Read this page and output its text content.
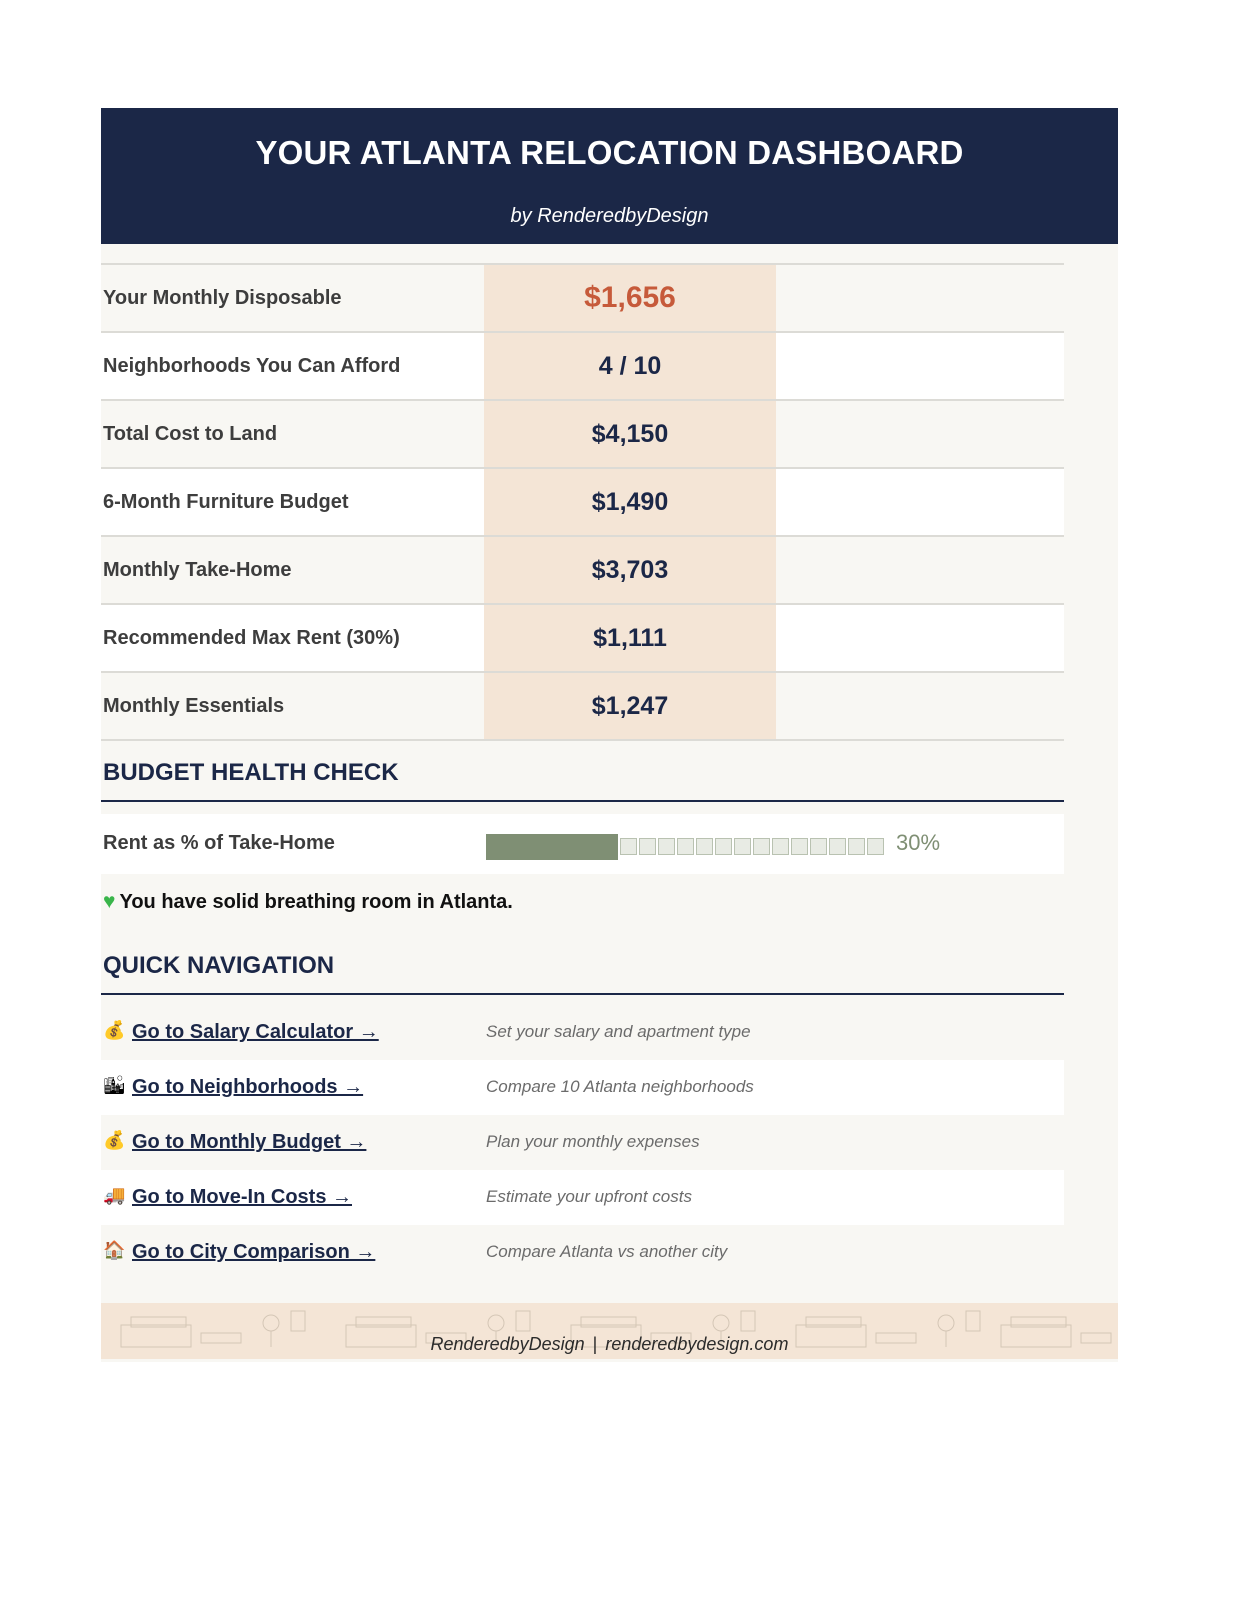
YOUR ATLANTA RELOCATION DASHBOARD
by RenderedbyDesign
Your Monthly Disposable	$1,656
Neighborhoods You Can Afford	4 / 10
Total Cost to Land	$4,150
6-Month Furniture Budget	$1,490
Monthly Take-Home	$3,703
Recommended Max Rent (30%)	$1,111
Monthly Essentials	$1,247
BUDGET HEALTH CHECK
Rent as % of Take-Home	30%
♥ You have solid breathing room in Atlanta.
QUICK NAVIGATION
💰 Go to Salary Calculator →	Set your salary and apartment type
🏙 Go to Neighborhoods →	Compare 10 Atlanta neighborhoods
💰 Go to Monthly Budget →	Plan your monthly expenses
🚚 Go to Move-In Costs →	Estimate your upfront costs
🏠 Go to City Comparison →	Compare Atlanta vs another city
RenderedbyDesign | renderedbydesign.com
